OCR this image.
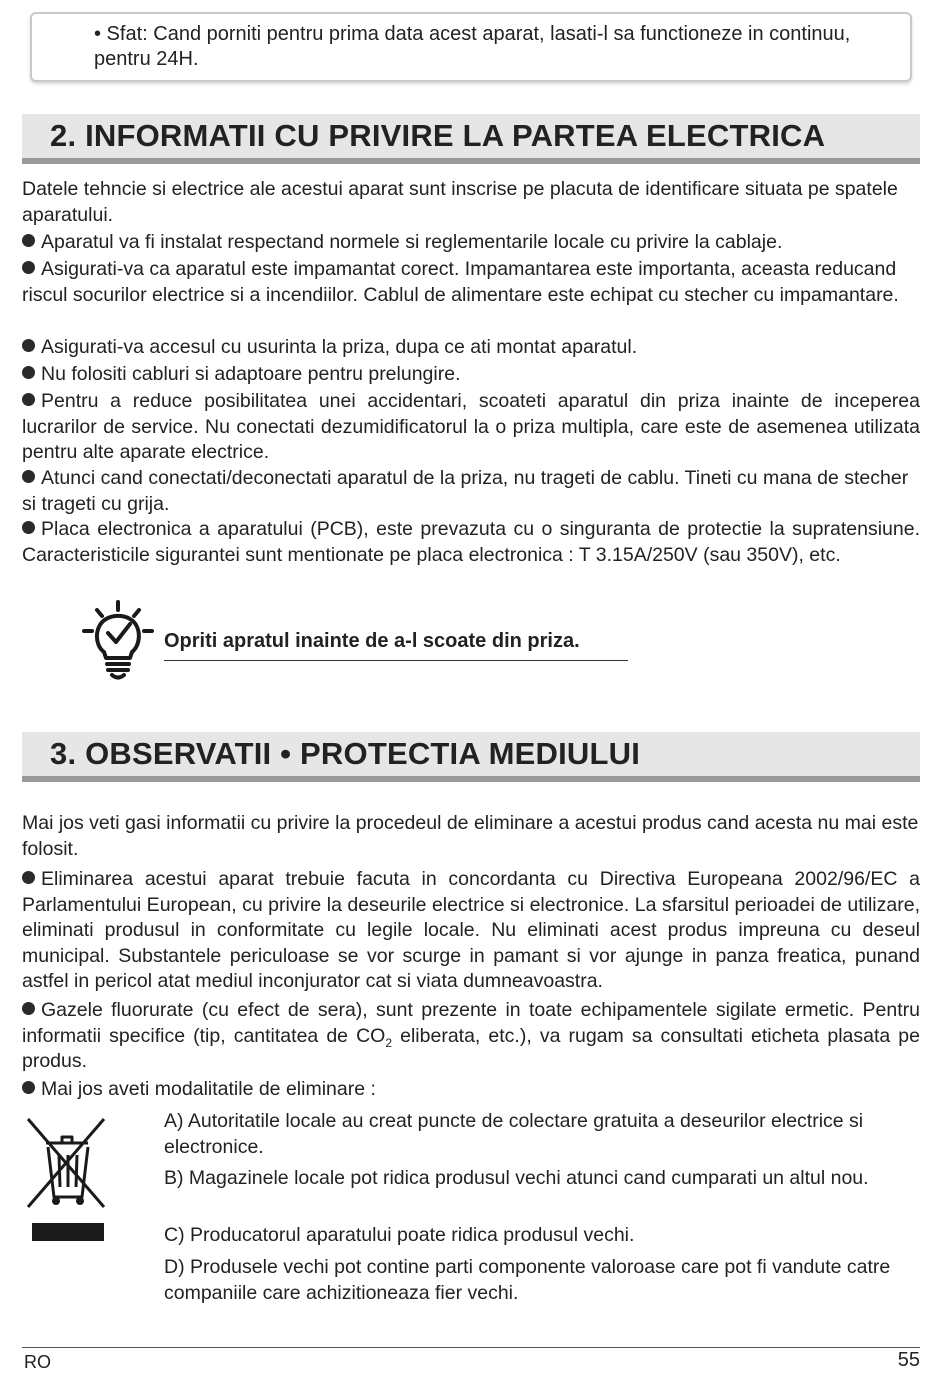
• Sfat: Cand porniti pentru prima data acest aparat, lasati-l sa functioneze in continuu, pentru 24H.

2. INFORMATII CU PRIVIRE LA PARTEA ELECTRICA

Datele tehncie si electrice ale acestui aparat sunt inscrise pe placuta de identificare situata pe spatele aparatului.

Aparatul va fi instalat respectand normele si reglementarile locale cu privire la cablaje.

Asigurati-va ca aparatul este impamantat corect. Impamantarea este importanta, aceasta reducand riscul socurilor electrice si a incendiilor. Cablul de alimentare este echipat cu stecher cu impamantare.

Asigurati-va accesul cu usurinta la priza, dupa ce ati montat aparatul.

Nu folositi cabluri si adaptoare pentru prelungire.

Pentru a reduce posibilitatea unei accidentari, scoateti aparatul din priza inainte de inceperea lucrarilor de service. Nu conectati dezumidificatorul la o priza multipla, care este de asemenea utilizata pentru alte aparate electrice.

Atunci cand conectati/deconectati aparatul de la priza, nu trageti de cablu. Tineti cu mana de stecher si trageti cu grija.

Placa electronica a aparatului (PCB), este prevazuta cu o singuranta de protectie la supratensiune. Caracteristicile sigurantei sunt mentionate pe placa electronica : T 3.15A/250V (sau 350V), etc.

Opriti apratul inainte de a-l scoate din priza.
3. OBSERVATII • PROTECTIA MEDIULUI

Mai jos veti gasi informatii cu privire la procedeul de eliminare a acestui produs cand acesta nu mai este folosit.

Eliminarea acestui aparat trebuie facuta in concordanta cu Directiva Europeana 2002/96/EC a Parlamentului European, cu privire la deseurile electrice si electronice. La sfarsitul perioadei de utilizare, eliminati produsul in conformitate cu legile locale. Nu eliminati acest produs impreuna cu deseul municipal. Substantele periculoase se vor scurge in pamant si vor ajunge in panza freatica, punand astfel in pericol atat mediul inconjurator cat si viata dumneavoastra.

Gazele fluorurate (cu efect de sera), sunt prezente in toate echipamentele sigilate ermetic. Pentru informatii specifice (tip, cantitatea de $CO_2$ eliberata, etc.), va rugam sa consultati eticheta plasata pe produs.

Mai jos aveti modalitatile de eliminare :

A) Autoritatile locale au creat puncte de colectare gratuita a deseurilor electrice si electronice.

B) Magazinele locale pot ridica produsul vechi atunci cand cumparati un altul nou.

C) Producatorul aparatului poate ridica produsul vechi.

D) Produsele vechi pot contine parti componente valoroase care pot fi vandute catre companiile care achizitioneaza fier vechi.

RO	55
